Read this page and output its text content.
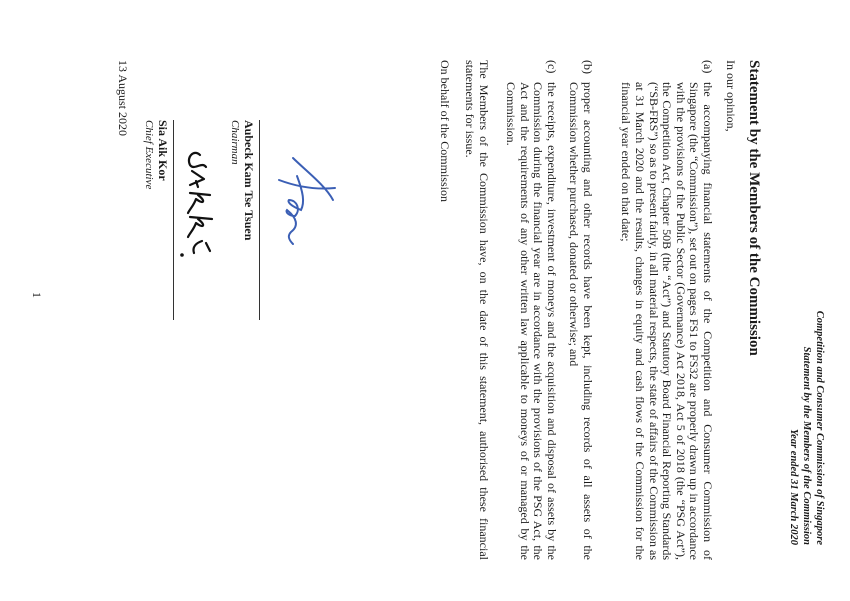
Competition and Consumer Commission of Singapore
Statement by the Members of the Commission
Year ended 31 March 2020
Statement by the Members of the Commission
In our opinion,
(a)
the accompanying financial statements of the Competition and Consumer Commission of Singapore (the “Commission”), set out on pages FS1 to FS32 are properly drawn up in accordance with the provisions of the Public Sector (Governance) Act 2018, Act 5 of 2018 (the “PSG Act”), the Competition Act, Chapter 50B (the “Act”) and Statutory Board Financial Reporting Standards (“SB-FRS”) so as to present fairly, in all material respects, the state of affairs of the Commission as at 31 March 2020 and the results, changes in equity and cash flows of the Commission for the financial year ended on that date;
(b)
proper accounting and other records have been kept, including records of all assets of the Commission whether purchased, donated or otherwise; and
(c)
the receipts, expenditure, investment of moneys and the acquisition and disposal of assets by the Commission during the financial year are in accordance with the provisions of the PSG Act, the Act and the requirements of any other written law applicable to moneys of or managed by the Commission.
The Members of the Commission have, on the date of this statement, authorised these financial statements for issue.
On behalf of the Commission
Aubeck Kam Tse Tsuen
Chairman
Sia Aik Kor
Chief Executive
13 August 2020
1
